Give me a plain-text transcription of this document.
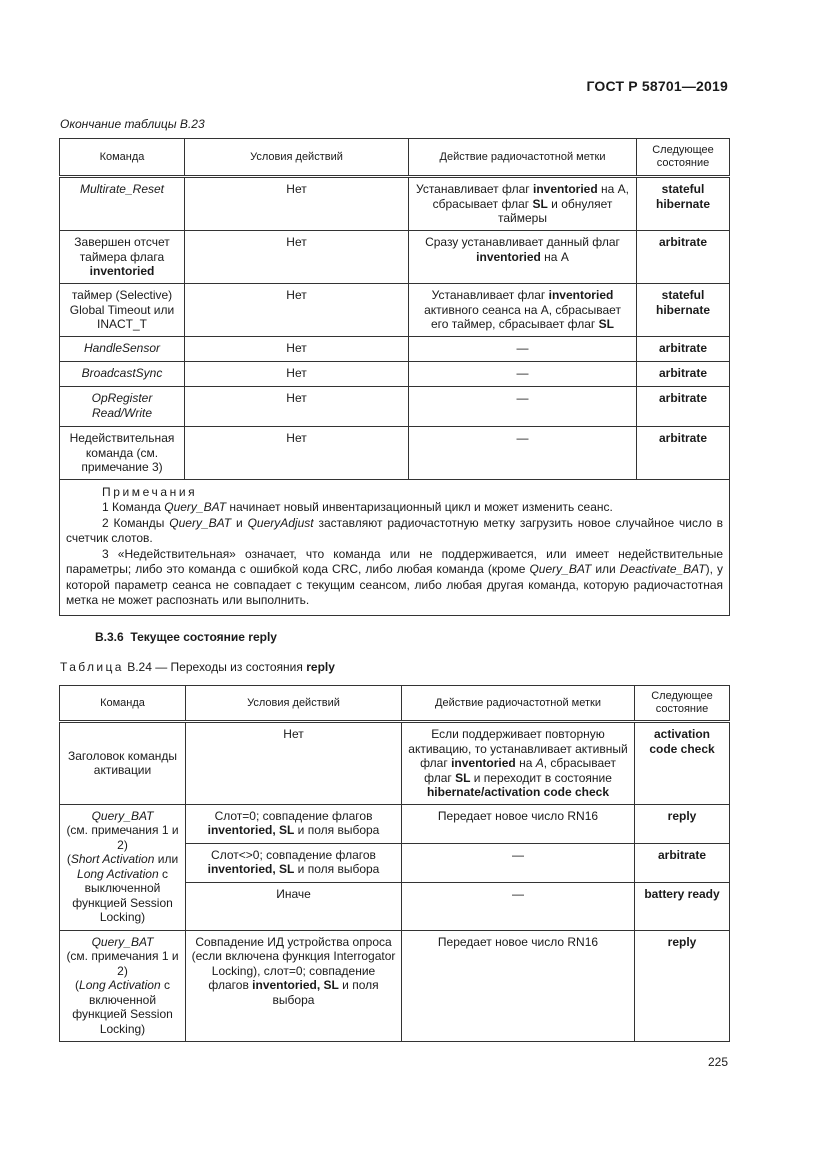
ГОСТ Р 58701—2019
Окончание таблицы В.23
Команда	Условия действий	Действие радиочастотной метки	Следующее состояние
Multirate_Reset	Нет	Устанавливает флаг inventoried на А, сбрасывает флаг SL и обнуляет таймеры	stateful hibernate
Завершен отсчет таймера флага inventoried	Нет	Сразу устанавливает данный флаг inventoried на А	arbitrate
таймер (Selective) Global Timeout или INACT_T	Нет	Устанавливает флаг inventoried активного сеанса на А, сбрасывает его таймер, сбрасывает флаг SL	stateful hibernate
HandleSensor	Нет	—	arbitrate
BroadcastSync	Нет	—	arbitrate
OpRegister Read/Write	Нет	—	arbitrate
Недействительная команда (см. примечание 3)	Нет	—	arbitrate

Примечания
1 Команда Query_BAT начинает новый инвентаризационный цикл и может изменить сеанс.
2 Команды Query_BAT и QueryAdjust заставляют радиочастотную метку загрузить новое случайное число в счетчик слотов.
3 «Недействительная» означает, что команда или не поддерживается, или имеет недействительные параметры; либо это команда с ошибкой кода CRC, либо любая команда (кроме Query_BAT или Deactivate_BAT), у которой параметр сеанса не совпадает с текущим сеансом, либо любая другая команда, которую радиочастотная метка не может распознать или выполнить.			
В.3.6 Текущее состояние reply
Таблица В.24 — Переходы из состояния reply
Команда	Условия действий	Действие радиочастотной метки	Следующее состояние
Заголовок команды активации	Нет	Если поддерживает повторную активацию, то устанавливает активный флаг inventoried на А, сбрасывает флаг SL и переходит в состояние hibernate/activation code check	activation code check
Query_BAT
(см. примечания 1 и 2)
(Short Activation или Long Activation с выключенной функцией Session Locking)	Слот=0; совпадение флагов inventoried, SL и поля выбора	Передает новое число RN16	reply
	Слот<>0; совпадение флагов inventoried, SL и поля выбора	—	arbitrate
	Иначе	—	battery ready
Query_BAT
(см. примечания 1 и 2)
(Long Activation с включенной функцией Session Locking)	Совпадение ИД устройства опроса (если включена функция Interrogator Locking), слот=0; совпадение флагов inventoried, SL и поля выбора	Передает новое число RN16	reply
225
